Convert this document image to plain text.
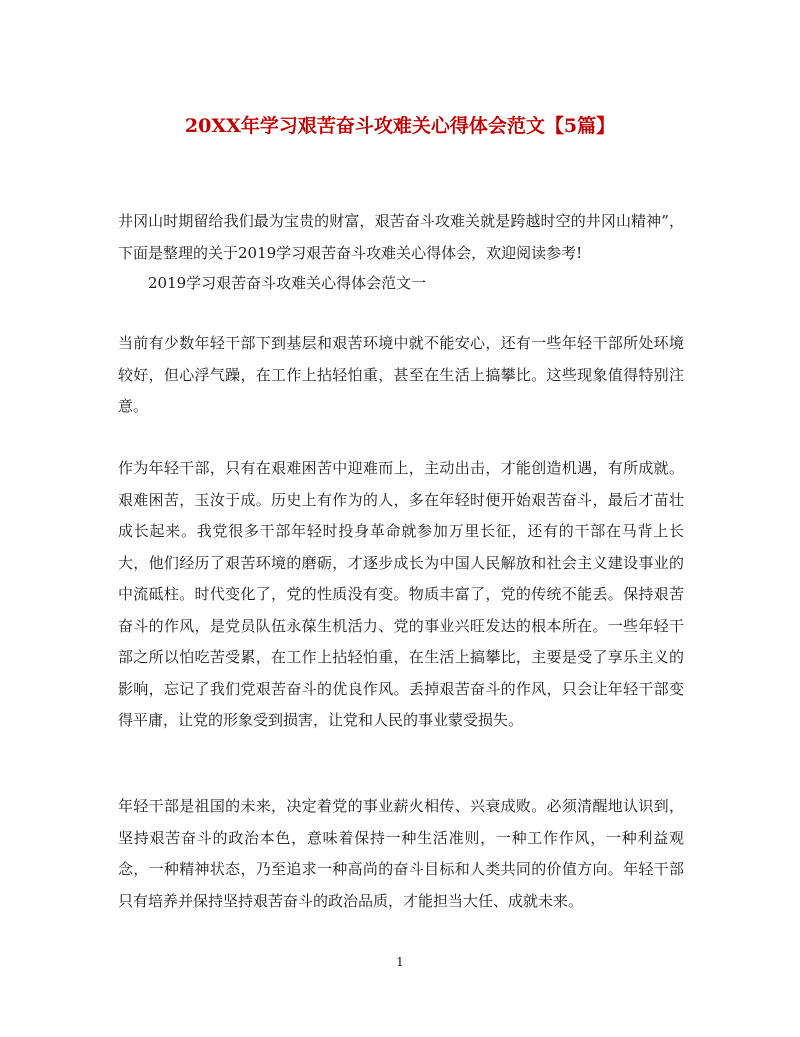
20XX年学习艰苦奋斗攻难关心得体会范文【5篇】

井冈山时期留给我们最为宝贵的财富，艰苦奋斗攻难关就是跨越时空的井冈山精神”，下面是整理的关于2019学习艰苦奋斗攻难关心得体会，欢迎阅读参考!

2019学习艰苦奋斗攻难关心得体会范文一

当前有少数年轻干部下到基层和艰苦环境中就不能安心，还有一些年轻干部所处环境较好，但心浮气躁，在工作上拈轻怕重，甚至在生活上搞攀比。这些现象值得特别注意。

作为年轻干部，只有在艰难困苦中迎难而上，主动出击，才能创造机遇，有所成就。艰难困苦，玉汝于成。历史上有作为的人，多在年轻时便开始艰苦奋斗，最后才苗壮成长起来。我党很多干部年轻时投身革命就参加万里长征，还有的干部在马背上长大，他们经历了艰苦环境的磨砺，才逐步成长为中国人民解放和社会主义建设事业的中流砥柱。时代变化了，党的性质没有变。物质丰富了，党的传统不能丢。保持艰苦奋斗的作风，是党员队伍永葆生机活力、党的事业兴旺发达的根本所在。一些年轻干部之所以怕吃苦受累，在工作上拈轻怕重，在生活上搞攀比，主要是受了享乐主义的影响，忘记了我们党艰苦奋斗的优良作风。丢掉艰苦奋斗的作风，只会让年轻干部变得平庸，让党的形象受到损害，让党和人民的事业蒙受损失。

年轻干部是祖国的未来，决定着党的事业薪火相传、兴衰成败。必须清醒地认识到，坚持艰苦奋斗的政治本色，意味着保持一种生活准则，一种工作作风，一种利益观念，一种精神状态，乃至追求一种高尚的奋斗目标和人类共同的价值方向。年轻干部只有培养并保持坚持艰苦奋斗的政治品质，才能担当大任、成就未来。

1
